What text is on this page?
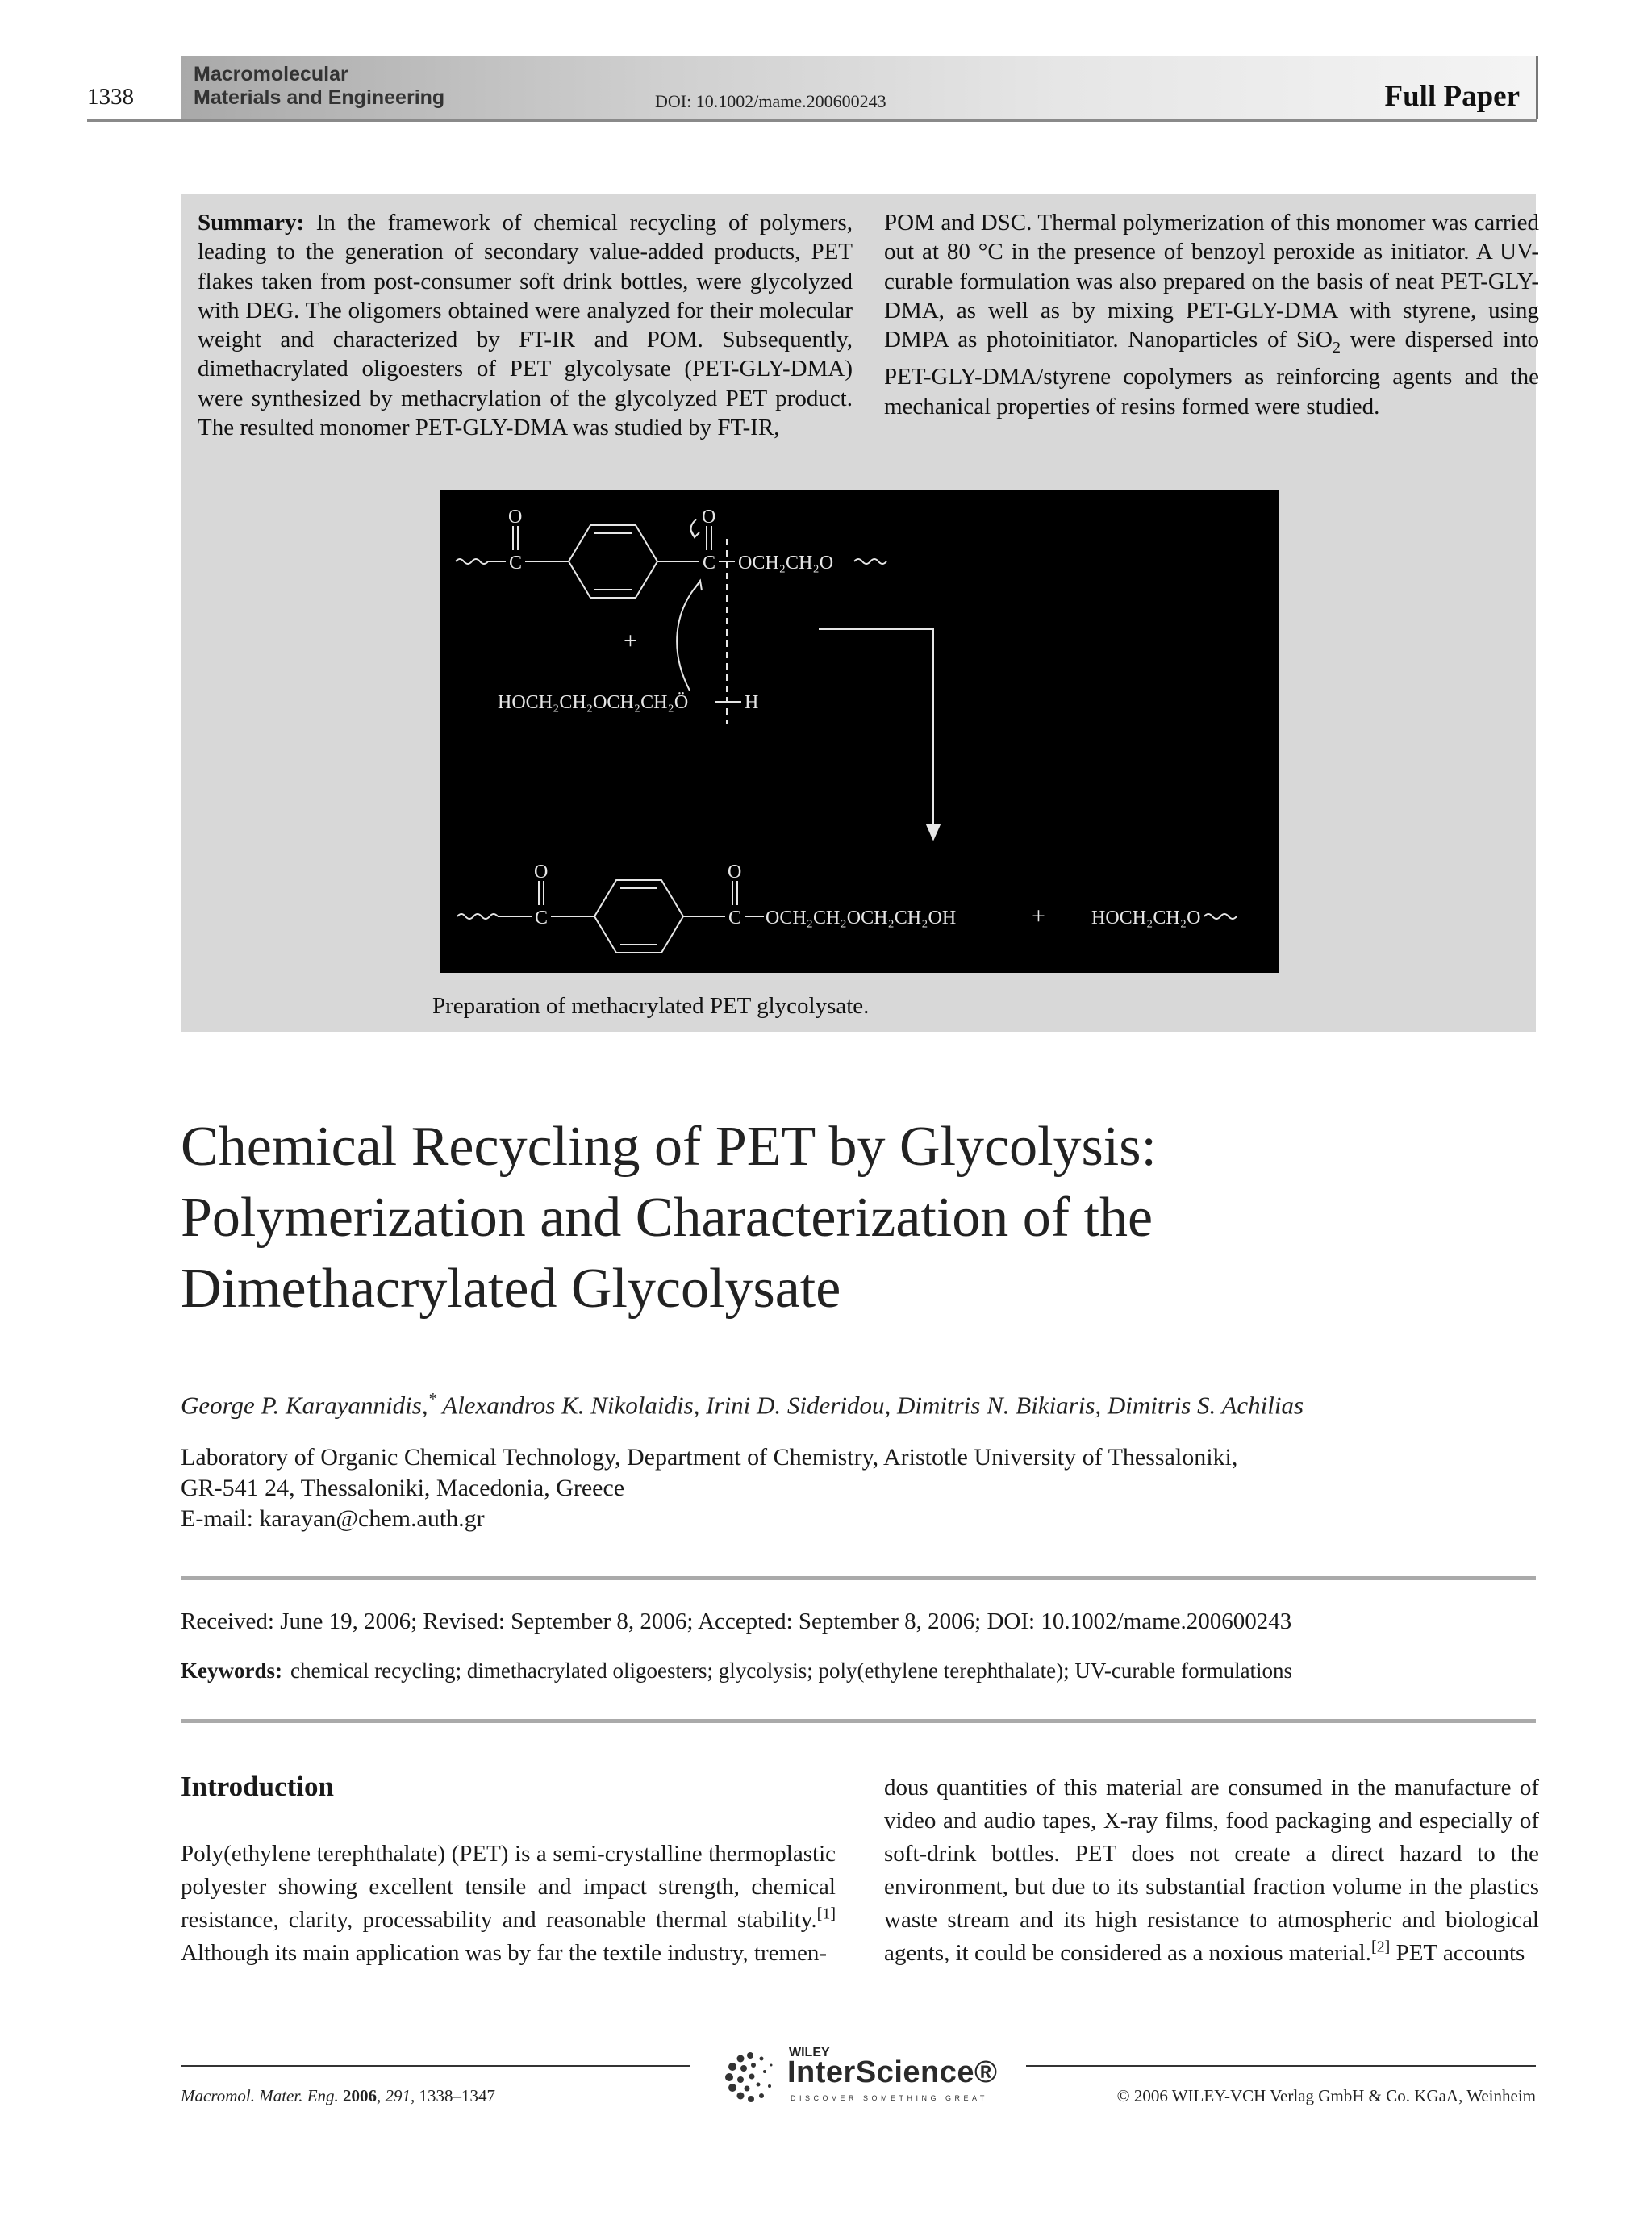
1338
Macromolecular
Materials and Engineering	DOI: 10.1002/mame.200600243	Full Paper
Summary: In the framework of chemical recycling of polymers, leading to the generation of secondary value-added products, PET flakes taken from post-consumer soft drink bottles, were glycolyzed with DEG. The oligomers obtained were analyzed for their molecular weight and characterized by FT-IR and POM. Subsequently, dimethacrylated oligoesters of PET glycolysate (PET-GLY-DMA) were synthesized by methacrylation of the glycolyzed PET product. The resulted monomer PET-GLY-DMA was studied by FT-IR,
POM and DSC. Thermal polymerization of this monomer was carried out at 80 °C in the presence of benzoyl peroxide as initiator. A UV-curable formulation was also prepared on the basis of neat PET-GLY-DMA, as well as by mixing PET-GLY-DMA with styrene, using DMPA as photoinitiator. Nanoparticles of SiO$_2$ were dispersed into PET-GLY-DMA/styrene copolymers as reinforcing agents and the mechanical properties of resins formed were studied.
C
O
C
O
OCH₂CH₂O
+
HOCH₂CH₂OCH₂CH₂Ö	H
C
O
C
O
OCH₂CH₂OCH₂CH₂OH	+ HOCH₂CH₂O
Preparation of methacrylated PET glycolysate.
Chemical Recycling of PET by Glycolysis:
Polymerization and Characterization of the
Dimethacrylated Glycolysate
George P. Karayannidis,* Alexandros K. Nikolaidis, Irini D. Sideridou, Dimitris N. Bikiaris, Dimitris S. Achilias
Laboratory of Organic Chemical Technology, Department of Chemistry, Aristotle University of Thessaloniki,
GR-541 24, Thessaloniki, Macedonia, Greece
E-mail: karayan@chem.auth.gr
Received: June 19, 2006; Revised: September 8, 2006; Accepted: September 8, 2006; DOI: 10.1002/mame.200600243
Keywords: chemical recycling; dimethacrylated oligoesters; glycolysis; poly(ethylene terephthalate); UV-curable formulations
Introduction
Poly(ethylene terephthalate) (PET) is a semi-crystalline thermoplastic polyester showing excellent tensile and impact strength, chemical resistance, clarity, processability and reasonable thermal stability.[1] Although its main application was by far the textile industry, tremen-
dous quantities of this material are consumed in the manufacture of video and audio tapes, X-ray films, food packaging and especially of soft-drink bottles. PET does not create a direct hazard to the environment, but due to its substantial fraction volume in the plastics waste stream and its high resistance to atmospheric and biological agents, it could be considered as a noxious material.[2] PET accounts
Macromol. Mater. Eng. 2006, 291, 1338–1347
WILEY
InterScience®
DISCOVER SOMETHING GREAT	© 2006 WILEY-VCH Verlag GmbH & Co. KGaA, Weinheim
